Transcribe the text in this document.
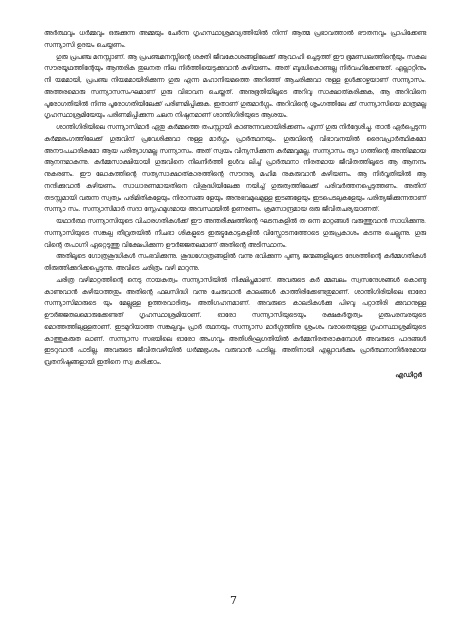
അർത്ഥവും ധർമ്മവും ഒരുക്കുന്ന അമ്മയും ചേർന്ന ഗൃഹസ്ഥാശ്രമവ്യത്തിയിൽ നിന്ന് ആത്മ പ്രഭാവത്താൽ ഭൗതനവും പ്രാപിക്കേണ്ട സന്ന്യാസി ഉദയം ചെയ്യണം.

ഗുരു പ്രപഞ്ച മനസ്സാണ്. ആ പ്രപഞ്ചമനസ്സിന്റെ ശക്തി ജീവകോശങ്ങളിലേക്ക് ആവാഹി ച്ചെടുത്ത് ഈ ഭൂമണ്ഡലത്തിന്റെയും സകല സൗരയൂഥത്തിന്റേയും ആന്തരിക തുലനത നില നിർത്തിയെടുക്കുവാൻ കഴിയണം. അത് ബുദ്ധികൊണ്ടല്ല നിർവഹിക്കേണ്ടത്. എല്ലാറ്റിനും നി യമമായി, പ്രപഞ്ച നിയമമായിരിക്കുന്ന ഗുരു എന്ന മഹാനിയമത്തെ അറിഞ്ഞ് ആചരിക്കുവാ നുള്ള ഉൾക്കാഴ്ചയാണ് സന്ന്യാസം. അത്തരമൊരു സന്ന്യാസസംഘമാണ് ഗുരു വിഭാവന ചെയ്തത്. അനുഭൂതിയിലൂടെ അറിവു സാക്ഷാത്കരിക്കുക, ആ അറിവിനെ പൂരോഗതിയിൽ നിന്നു പൂരോഗതിയിലേക്ക് പരിണമിപ്പിക്കുക. ഇതാണ് ഗുരുമാർഗ്ഗം. അറിവിന്റെ ശൃംഗത്തിലേ ക്ക് സന്ന്യാസിയെ മാത്രമല്ല ഗൃഹസ്ഥാശ്രമിയേയും പരിണമിപ്പിക്കുന്ന ചലന നിഷ്ഠനമാണ് ശാന്തിഗിരിയുടെ ആശയം.

ശാന്തിഗിരിയിലെ സന്ന്യാസിമാർ ഏതു കർമ്മത്തെ തപസ്സായി കാണുന്നവരായിരിക്കണം എന്ന് ഗുരു നിർദ്ദേശിച്ചു. താൻ ഏർപ്പെടുന്ന കർമ്മരംഗത്തിലേക്ക് ഗുരുവിന് പ്രവേശിക്കുവാ നുള്ള മാർഗ്ഗം പ്രാർത്ഥനയും. ഗുരുവിന്റെ വിഭാവനയിൽ ദൈവപ്രാർത്ഥികമോ അനൗപചാരികമോ ആയ പരിത്യാഗമല്ല സന്ന്യാസം. അത് സ്വയം വിന്യസിക്കുന്ന കർമ്മവുമല്ല. സന്ന്യാസം ത്യാ ഗത്തിന്റെ അന്തിമമായ ആനന്ദമാകുന്നു. കർമ്മസാക്ഷിയായി ഗുരുവിനെ നിലനിർത്തി ഉൾവ ലിച്ച് പ്രാർത്ഥനാ നിരതമായ ജീവിതത്തിലൂടെ ആ ആനന്ദം നുകരണം. ഈ ലോകത്തിന്റെ സത്യസാക്ഷാത്കാരത്തിന്റെ സൗന്ദര്യ മഹിമ നുകരുവാൻ കഴിയണം. ആ നിർവൃതിയിൽ ആ നന്ദിക്കുവാൻ കഴിയണം. സാധാരണമായതിനെ വിശുദ്ധിയിലേക്കു നയിച്ച് ഗുരുത്വത്തിലേക്ക് പരിവർത്തനപ്പെടുത്തണം. അതിന് തടസ്സമായി വരുന്ന സ്വത്വം പരിമിതികളേയും നിരാസങ്ങ ളേയും അനുഭവമുഖമുള്ള ഇടങ്ങളേയും ഇടപെടലുകളേയും പരിത്യജിക്കുന്നതാണ് സന്ന്യാ സം. സന്ന്യാസിമാർ സദാ സ്നേഹമുഗ്ദമായ അവസ്ഥയിൽ ഉണരണം. ക്രമസാന്ദ്രമായ ഒരു ജീവിതചര്യയാണത്.

യഥാർത്ഥ സന്ന്യാസിയുടെ വിചാരഗതികൾക്ക് ഈ അന്തരീക്ഷത്തിന്റെ ഘടനകളിൽ ത ന്നെ മാറ്റങ്ങൾ വരുത്തുവാൻ സാധിക്കുന്നു. സന്ന്യാസിയുടെ സങ്കല്പ തീവ്രതയിൽ നീചഭാ ശികളുടെ ഇരുട്ടുകോട്ടകളിൽ വിസ്ഫോടനത്തോടെ ഗുരുപ്രകാശം കടന്നു ചെല്ലുന്നു. ഗുരു വിന്റെ തപാഗ്നി ഏറ്റെടുത്തു വിക്ഷേപിക്കുന്ന ഊർജ്ജതലമാണ് അതിന്റെ അടിസ്ഥാനം.

അതിലൂടെ ഗോത്രശുദ്ധികൾ സംഭവിക്കുന്നു. ശുദ്ധഗോത്രങ്ങളിൽ വന്നു ഭവിക്കുന്ന പുണ്യ ജന്മങ്ങളിലൂടെ ദേശത്തിന്റെ കർമ്മഗതികൾ തിരുത്തിക്കുറിക്കപ്പെടുന്നു. അവിടെ ചരിത്രം വഴി മാറുന്നു.

ചരിത്ര വഴിമാറ്റത്തിന്റെ നെടു നായകത്വം സന്ന്യാസിയിൽ നിക്ഷിപ്തമാണ്. അവരുടെ കർ മ്മബലം സ്വസന്ദേശങ്ങൾ കൊണ്ടു കാണുവാൻ കഴിയാത്തതും അതിന്റെ ഫലസിദ്ധി വന്നു ചേരുവാൻ കാലങ്ങൾ കാത്തിരിക്കേണ്ടതുമാണ്. ശാന്തിഗിരിയിലെ ഓരോ സന്ന്യാസിമാരുടെ യും മേല്ലുള്ള ഉത്തരവാദിത്വം അതിഗഹനമാണ്. അവരുടെ കാലടികൾക്കു പിഴവു പറ്റാതിരി ക്കുവാനുള്ള ഊർജ്ജതലമൊരുക്കേണ്ടത് ഗൃഹസ്ഥാശ്രമിയാണ്. ഓരോ സന്ന്യാസിയുടെയും രക്ഷകർതൃത്വം ഗുരുപരമ്പരയുടെ മൊത്തത്തിലുള്ളതാണ്. ഇടമുറിയാത്ത സങ്കല്പവും പ്രാർ ത്ഥനയും സന്ന്യാസ മാർഗ്ഗത്തിനു ശ്രംശം വരാതെയുള്ള ഗൃഹസ്ഥാശ്രമിയുടെ കാത്തുകരുത ലാണ്. സന്ന്യാസ സഭയിലെ ഓരോ അംഗവും അതിശീഘ്രഗതിയിൽ കർമ്മനിരതരാകുമ്പോൾ അവരുടെ പാദങ്ങൾ ഇടറുവാൻ പാടില്ല. അവരുടെ ജീവിതവഴിയിൽ ധർമ്മഭ്രംശം വരുവാൻ പാടില്ല. അതിനായി എല്ലാവർക്കും പ്രാർത്ഥനാനിർഭരമായ വ്രതനിഷ്ഠങ്ങളായി ഇതിനെ സ്വ കരിക്കാം.

എഡിറ്റർ

7
